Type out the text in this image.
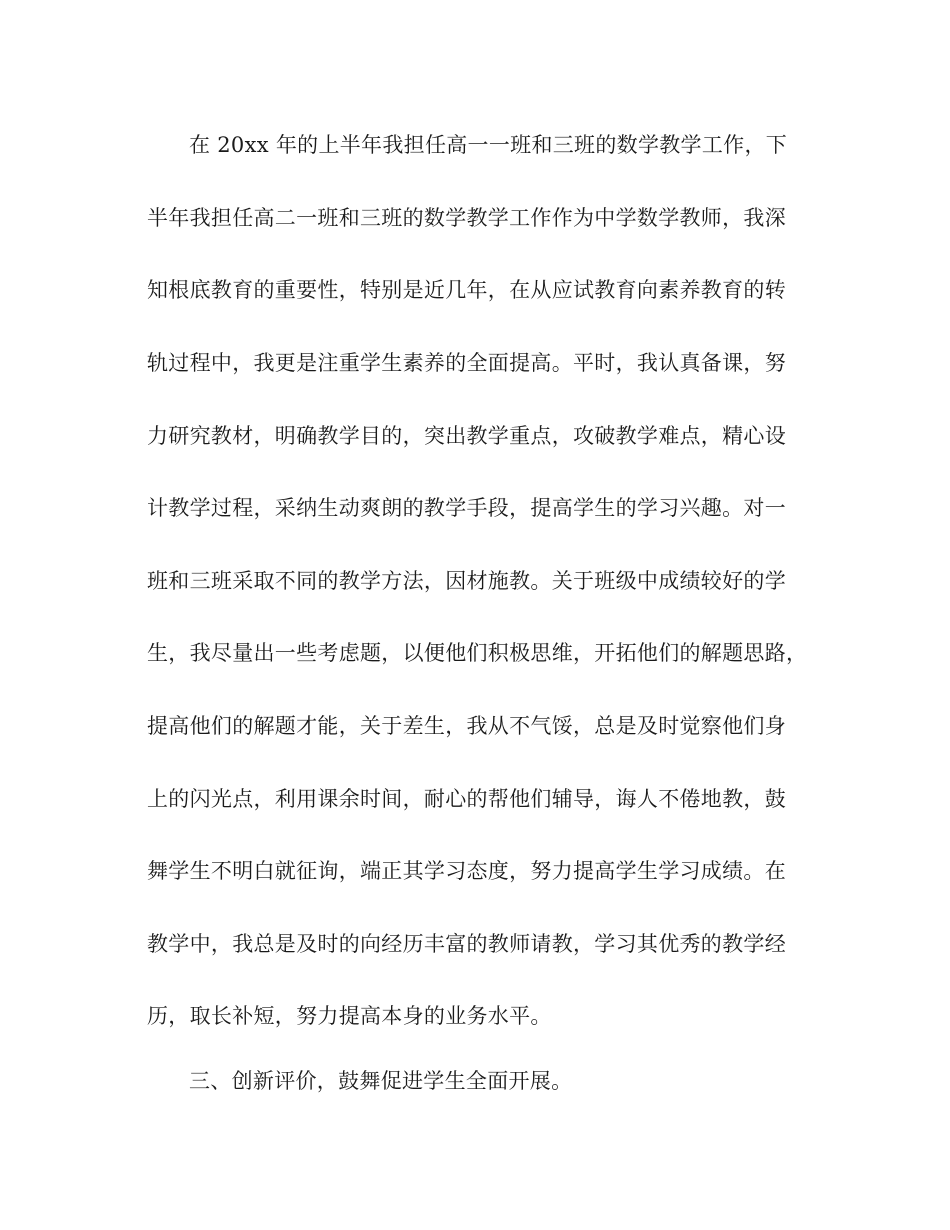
在 20xx 年的上半年我担任高一一班和三班的数学教学工作，下
半年我担任高二一班和三班的数学教学工作作为中学数学教师，我深
知根底教育的重要性，特别是近几年，在从应试教育向素养教育的转
轨过程中，我更是注重学生素养的全面提高。平时，我认真备课，努
力研究教材，明确教学目的，突出教学重点，攻破教学难点，精心设
计教学过程，采纳生动爽朗的教学手段，提高学生的学习兴趣。对一
班和三班采取不同的教学方法，因材施教。关于班级中成绩较好的学
生，我尽量出一些考虑题，以便他们积极思维，开拓他们的解题思路，
提高他们的解题才能，关于差生，我从不气馁，总是及时觉察他们身
上的闪光点，利用课余时间，耐心的帮他们辅导，诲人不倦地教，鼓
舞学生不明白就征询，端正其学习态度，努力提高学生学习成绩。在
教学中，我总是及时的向经历丰富的教师请教，学习其优秀的教学经
历，取长补短，努力提高本身的业务水平。
三、创新评价，鼓舞促进学生全面开展。
